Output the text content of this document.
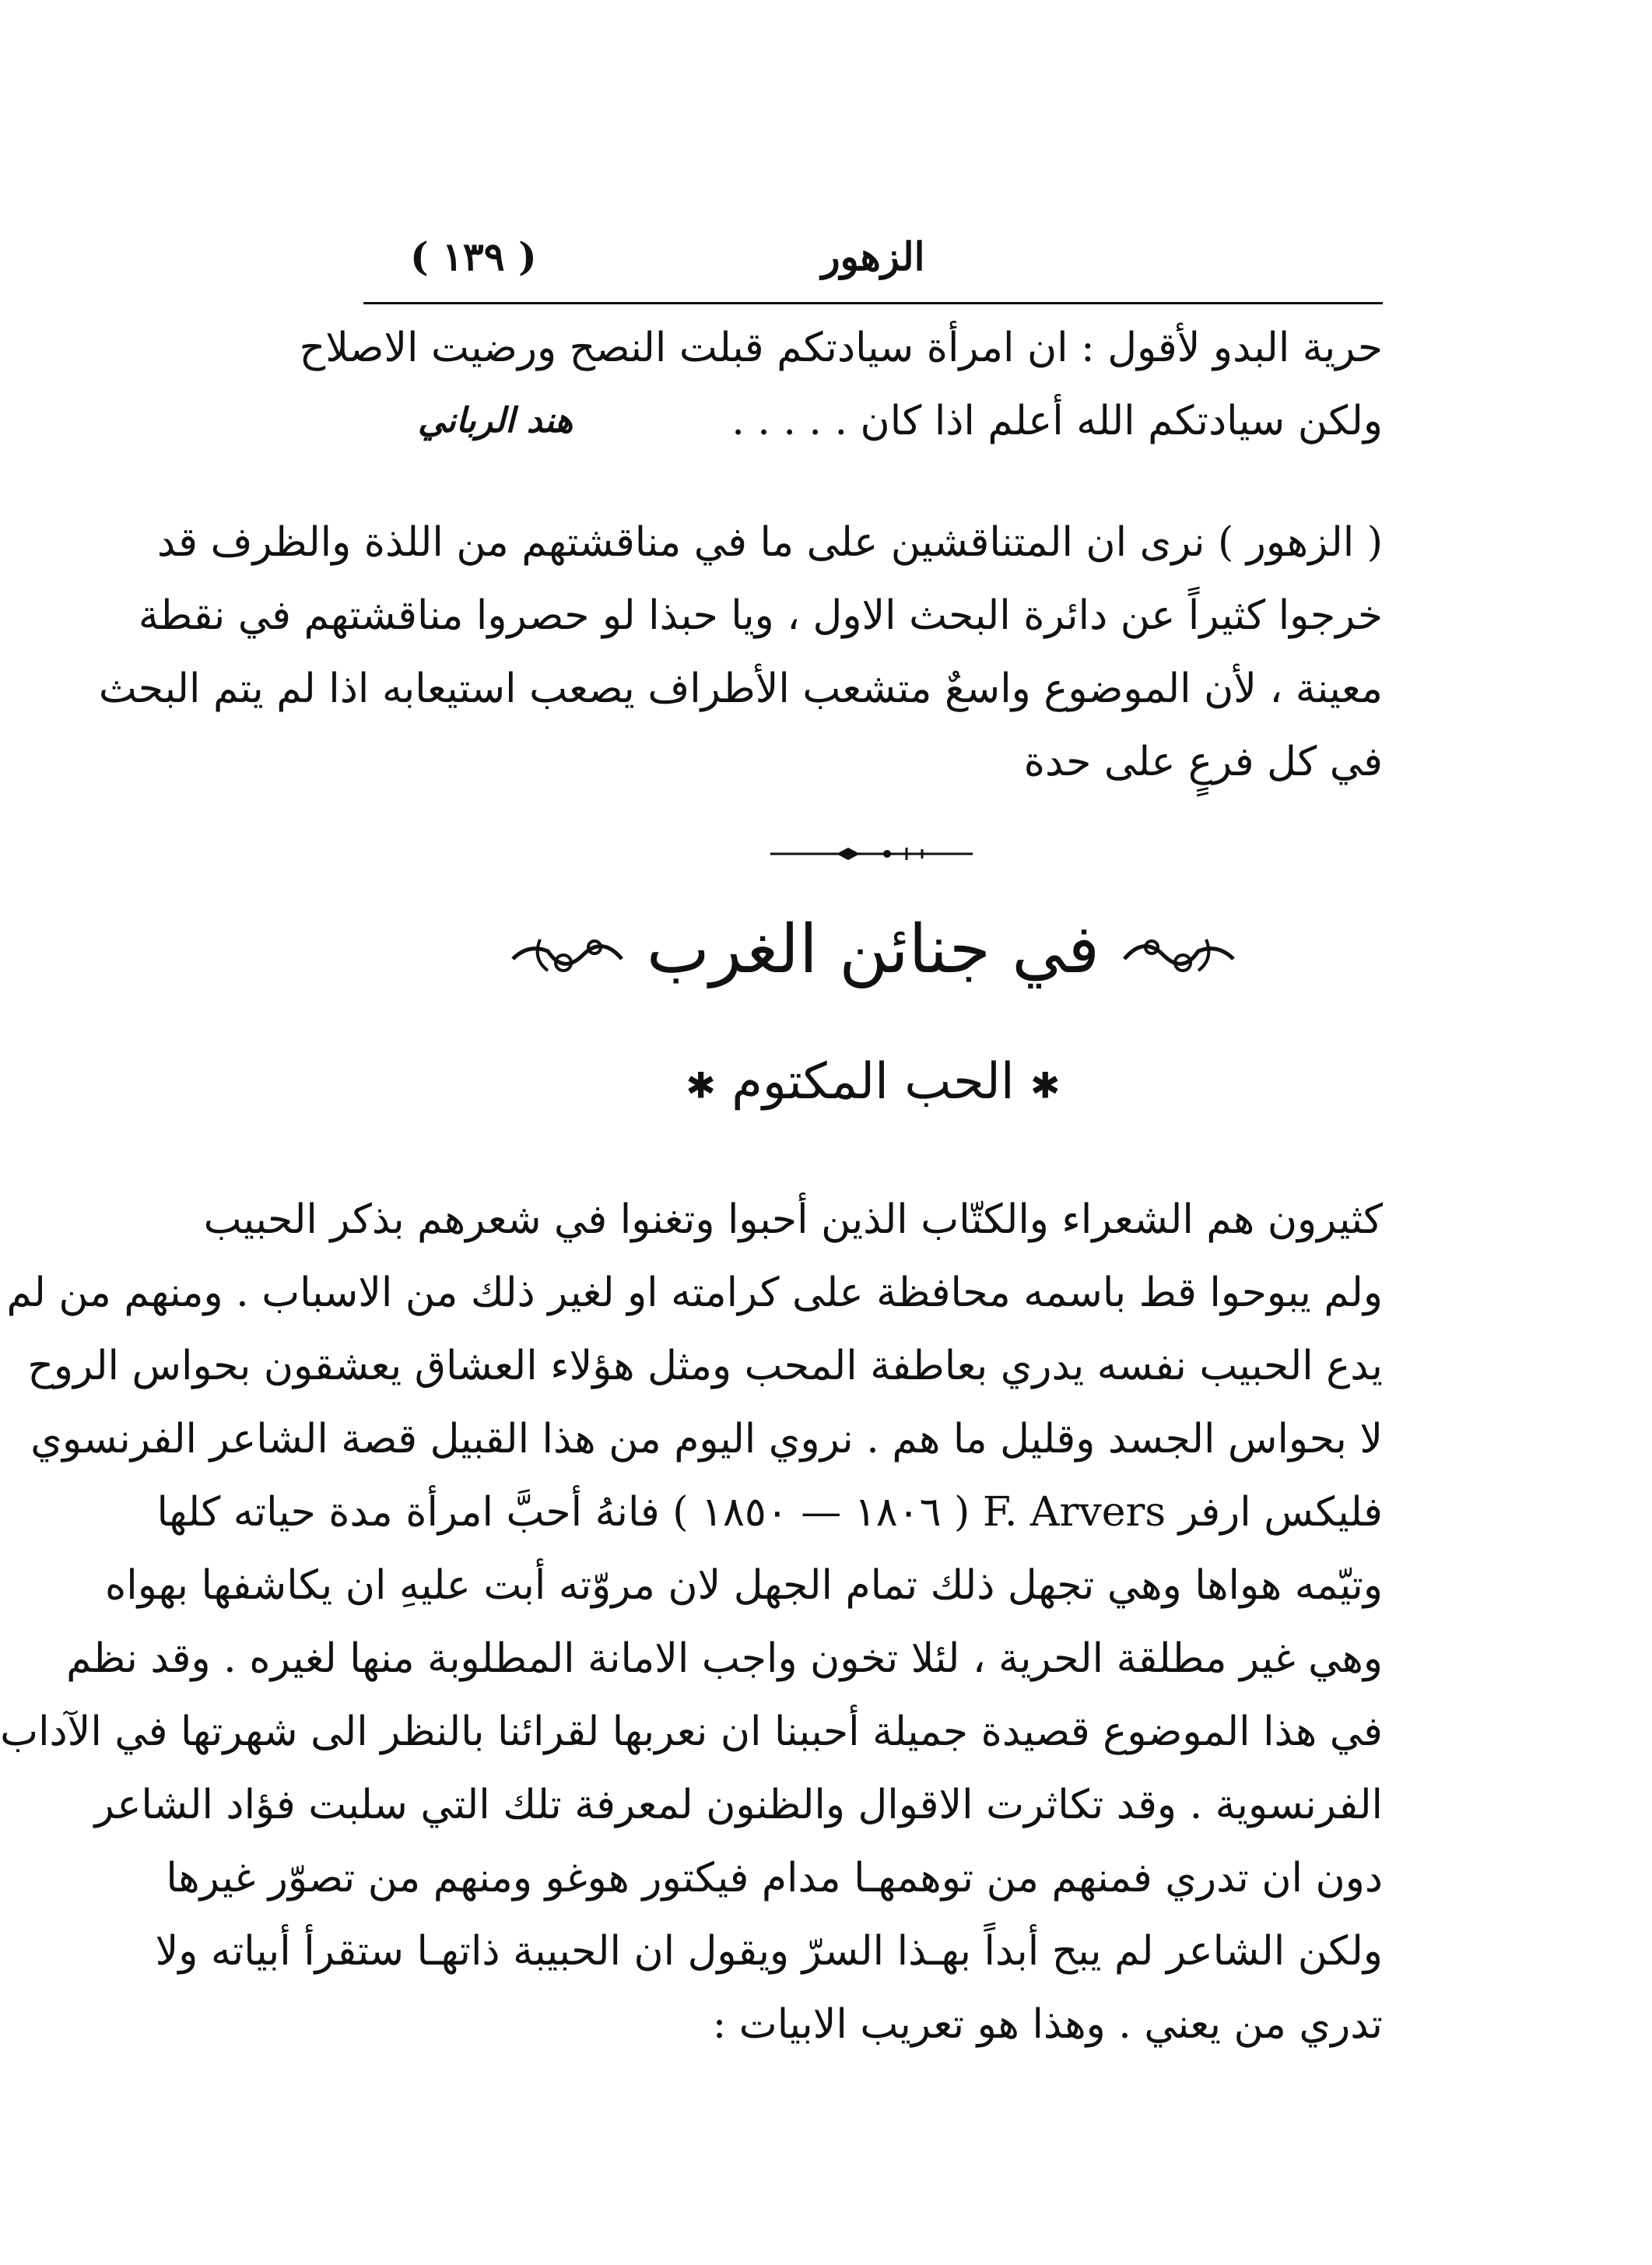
الزهور
( ١٣٩ )
حرية البدو لأقول : ان امرأة سيادتكم قبلت النصح ورضيت الاصلاح
ولكن سيادتكم الله أعلم اذا كان . . . . .
هند الرباني
( الزهور ) نرى ان المتناقشين على ما في مناقشتهم من اللذة والظرف قد
خرجوا كثيراً عن دائرة البحث الاول ، ويا حبذا لو حصروا مناقشتهم في نقطة
معينة ، لأن الموضوع واسعٌ متشعب الأطراف يصعب استيعابه اذا لم يتم البحث
في كل فرعٍ على حدة
في جنائن الغرب
✱ الحب المكتوم ✱
كثيرون هم الشعراء والكتّاب الذين أحبوا وتغنوا في شعرهم بذكر الحبيب
ولم يبوحوا قط باسمه محافظة على كرامته او لغير ذلك من الاسباب . ومنهم من لم
يدع الحبيب نفسه يدري بعاطفة المحب ومثل هؤلاء العشاق يعشقون بحواس الروح
لا بحواس الجسد وقليل ما هم . نروي اليوم من هذا القبيل قصة الشاعر الفرنسوي
فليكس ارفر F. Arvers ( ١٨٠٦ — ١٨٥٠ ) فانهُ أحبَّ امرأة مدة حياته كلها
وتيّمه هواها وهي تجهل ذلك تمام الجهل لان مروّته أبت عليهِ ان يكاشفها بهواه
وهي غير مطلقة الحرية ، لئلا تخون واجب الامانة المطلوبة منها لغيره . وقد نظم
في هذا الموضوع قصيدة جميلة أحببنا ان نعربها لقرائنا بالنظر الى شهرتها في الآداب
الفرنسوية . وقد تكاثرت الاقوال والظنون لمعرفة تلك التي سلبت فؤاد الشاعر
دون ان تدري فمنهم من توهمهـا مدام فيكتور هوغو ومنهم من تصوّر غيرها
ولكن الشاعر لم يبح أبداً بهـذا السرّ ويقول ان الحبيبة ذاتهـا ستقرأ أبياته ولا
تدري من يعني . وهذا هو تعريب الابيات :
